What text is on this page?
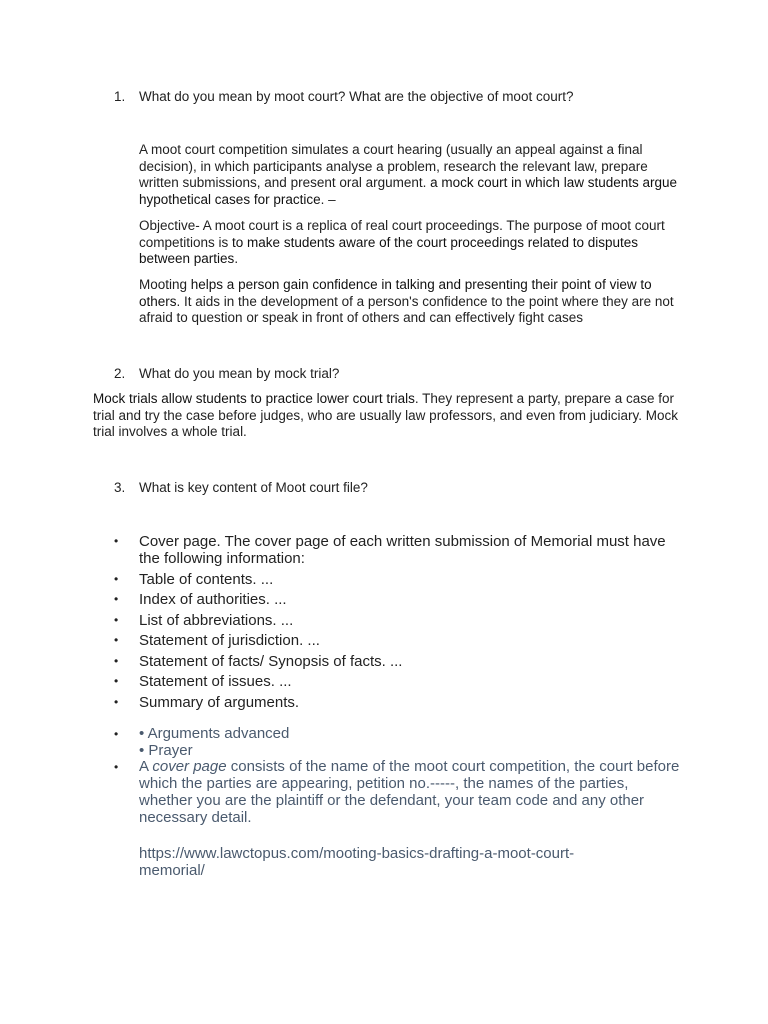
1. What do you mean by moot court? What are the objective of moot court?

A moot court competition simulates a court hearing (usually an appeal against a final decision), in which participants analyse a problem, research the relevant law, prepare written submissions, and present oral argument. a mock court in which law students argue hypothetical cases for practice. –

Objective- A moot court is a replica of real court proceedings. The purpose of moot court competitions is to make students aware of the court proceedings related to disputes between parties.

Mooting helps a person gain confidence in talking and presenting their point of view to others. It aids in the development of a person's confidence to the point where they are not afraid to question or speak in front of others and can effectively fight cases

2. What do you mean by mock trial?

Mock trials allow students to practice lower court trials. They represent a party, prepare a case for trial and try the case before judges, who are usually law professors, and even from judiciary. Mock trial involves a whole trial.

3. What is key content of Moot court file?
• Cover page. The cover page of each written submission of Memorial must have the following information:
• Table of contents. ...
• Index of authorities. ...
• List of abbreviations. ...
• Statement of jurisdiction. ...
• Statement of facts/ Synopsis of facts. ...
• Statement of issues. ...
• Summary of arguments.
• • Arguments advanced
• Prayer
• A cover page consists of the name of the moot court competition, the court before which the parties are appearing, petition no.-----, the names of the parties, whether you are the plaintiff or the defendant, your team code and any other necessary detail.
https://www.lawctopus.com/mooting-basics-drafting-a-moot-court-memorial/
